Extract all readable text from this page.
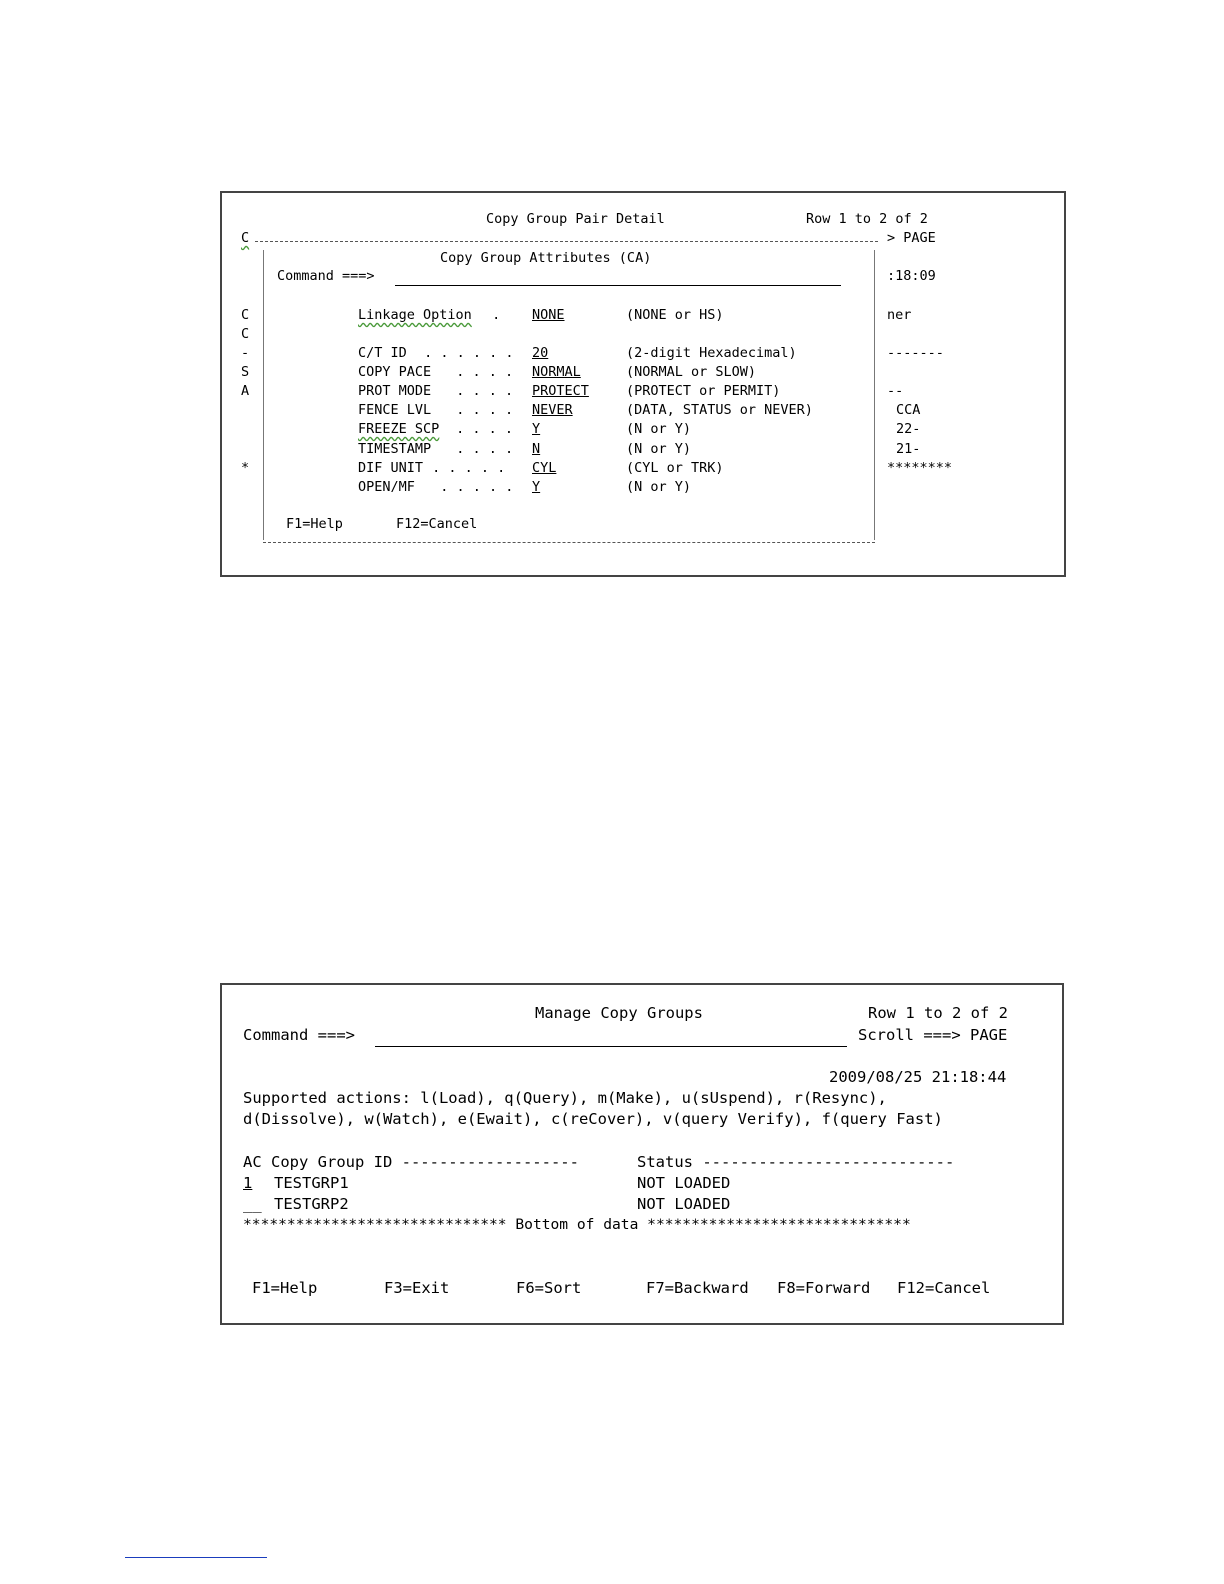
Copy Group Pair Detail	Row 1 to 2 of 2
C	> PAGE
Copy Group Attributes (CA)
Command ===>
C
C
-
S
A
*
:18:09
ner
-------
--
CCA
22-
21-
********
Linkage Option . NONE	(NONE or HS)
C/T ID . . . . . . 20	(2-digit Hexadecimal)
COPY PACE . . . . NORMAL	(NORMAL or SLOW)
PROT MODE . . . . PROTECT	(PROTECT or PERMIT)
FENCE LVL . . . . NEVER	(DATA, STATUS or NEVER)
FREEZE SCP . . . . Y	(N or Y)
TIMESTAMP . . . . N	(N or Y)
DIF UNIT . . . . . CYL	(CYL or TRK)
OPEN/MF . . . . . Y	(N or Y)
F1=Help	F12=Cancel
Manage Copy Groups	Row 1 to 2 of 2
Command ===>	Scroll ===> PAGE
2009/08/25 21:18:44
Supported actions: l(Load), q(Query), m(Make), u(sUspend), r(Resync),
d(Dissolve), w(Watch), e(Ewait), c(reCover), v(query Verify), f(query Fast)
AC Copy Group ID -------------------	Status ---------------------------
1 TESTGRP1	NOT LOADED
__ TESTGRP2	NOT LOADED
****************************** Bottom of data ******************************
F1=Help	F3=Exit	F6=Sort	F7=Backward F8=Forward F12=Cancel
